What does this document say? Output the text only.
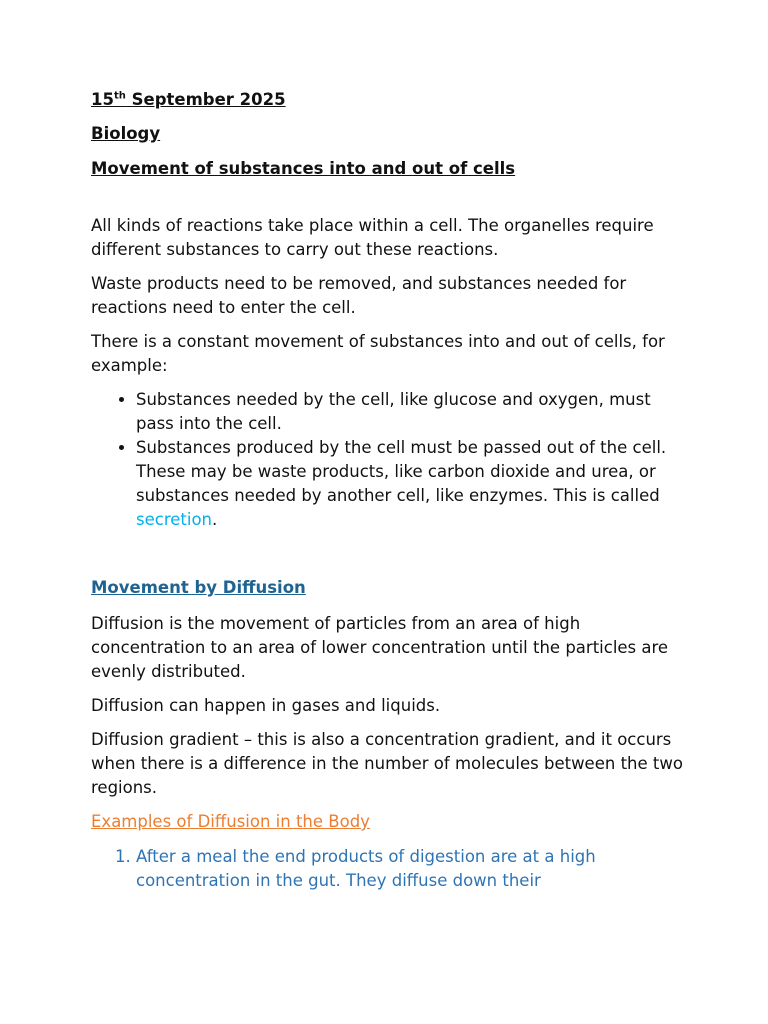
15th September 2025

Biology

Movement of substances into and out of cells

All kinds of reactions take place within a cell. The organelles require different substances to carry out these reactions.

Waste products need to be removed, and substances needed for reactions need to enter the cell.

There is a constant movement of substances into and out of cells, for example:

• Substances needed by the cell, like glucose and oxygen, must pass into the cell.
• Substances produced by the cell must be passed out of the cell. These may be waste products, like carbon dioxide and urea, or substances needed by another cell, like enzymes. This is called secretion.

Movement by Diffusion

Diffusion is the movement of particles from an area of high concentration to an area of lower concentration until the particles are evenly distributed.

Diffusion can happen in gases and liquids.

Diffusion gradient – this is also a concentration gradient, and it occurs when there is a difference in the number of molecules between the two regions.

Examples of Diffusion in the Body

1. After a meal the end products of digestion are at a high concentration in the gut. They diffuse down their
